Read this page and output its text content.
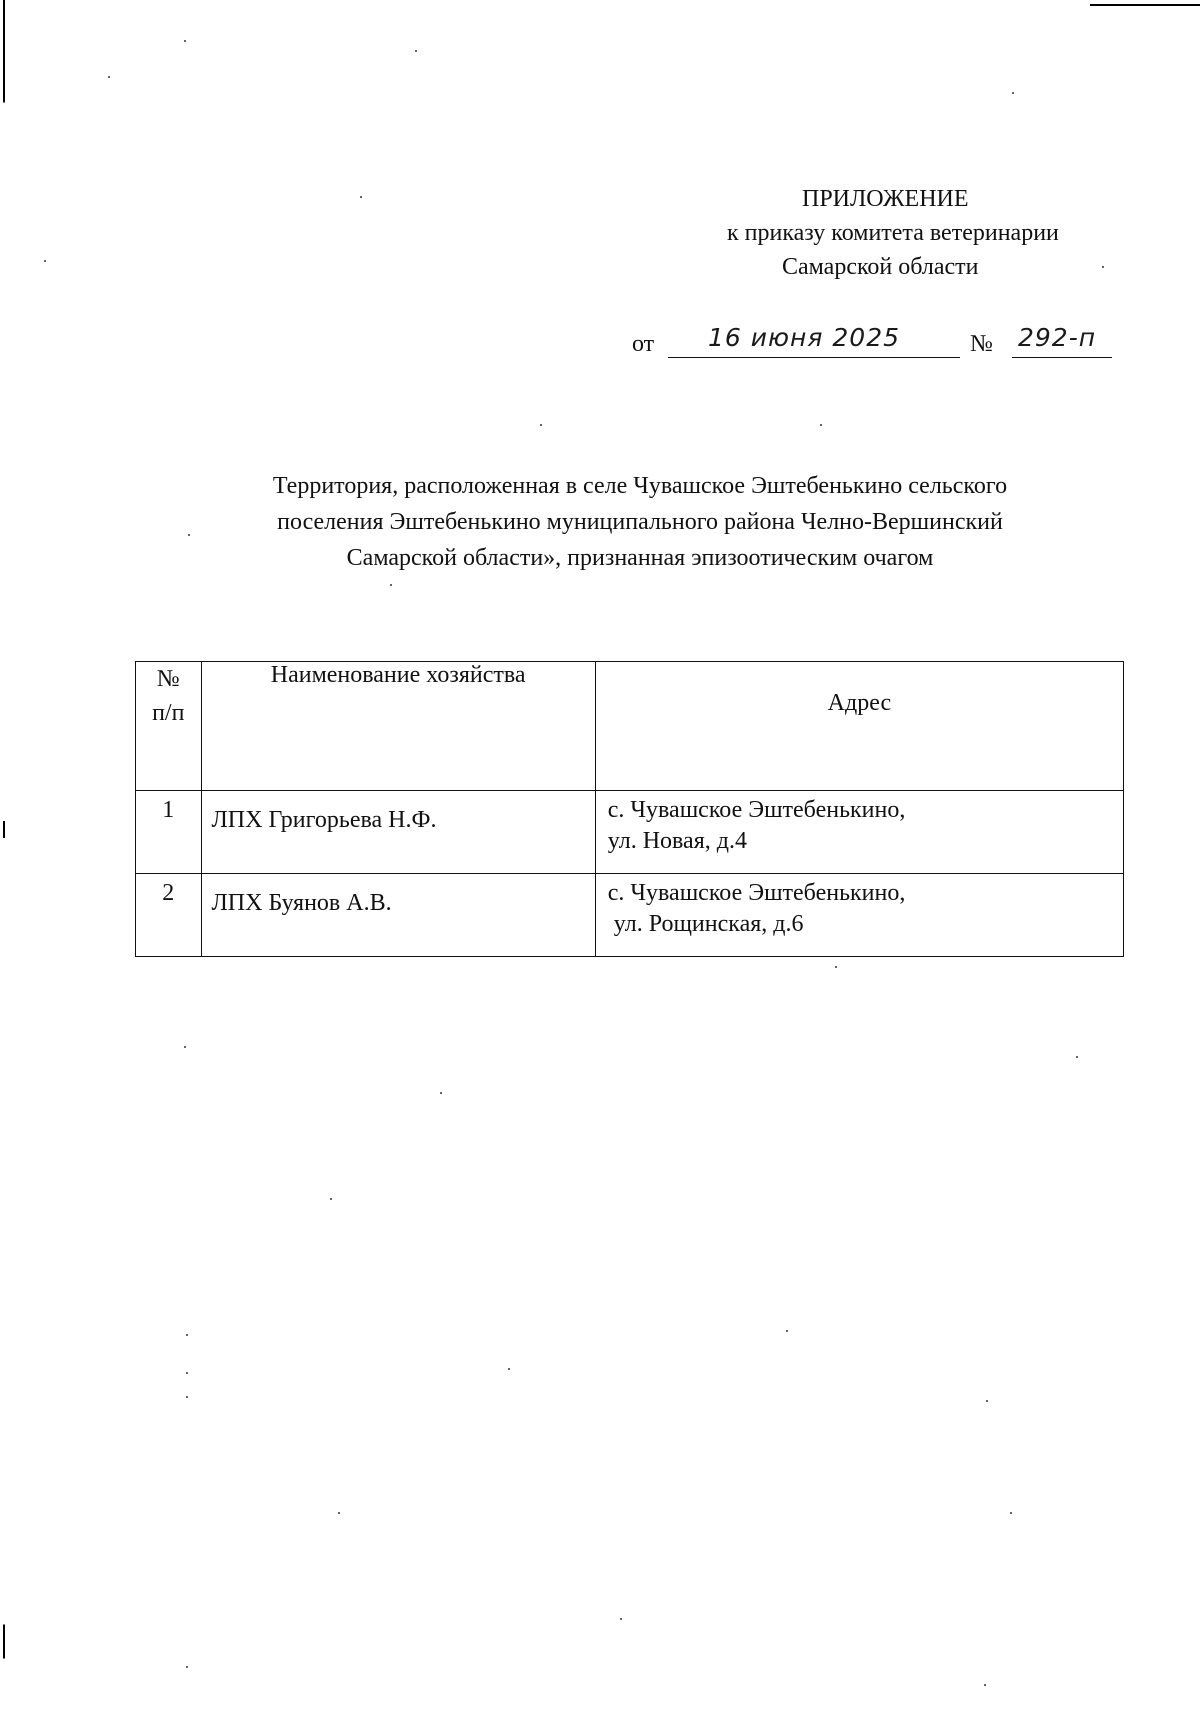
ПРИЛОЖЕНИЕ
к приказу комитета ветеринарии
Самарской области
от 16 июня 2025	№ 292-п
Территория, расположенная в селе Чувашское Эштебенькино сельского
поселения Эштебенькино муниципального района Челно-Вершинский
Самарской области», признанная эпизоотическим очагом
№
п/п	Наименование хозяйства	Адрес
1	ЛПХ Григорьева Н.Ф.	с. Чувашское Эштебенькино,
ул. Новая, д.4

2	ЛПХ Буянов А.В.	с. Чувашское Эштебенькино,
ул. Рощинская, д.6
